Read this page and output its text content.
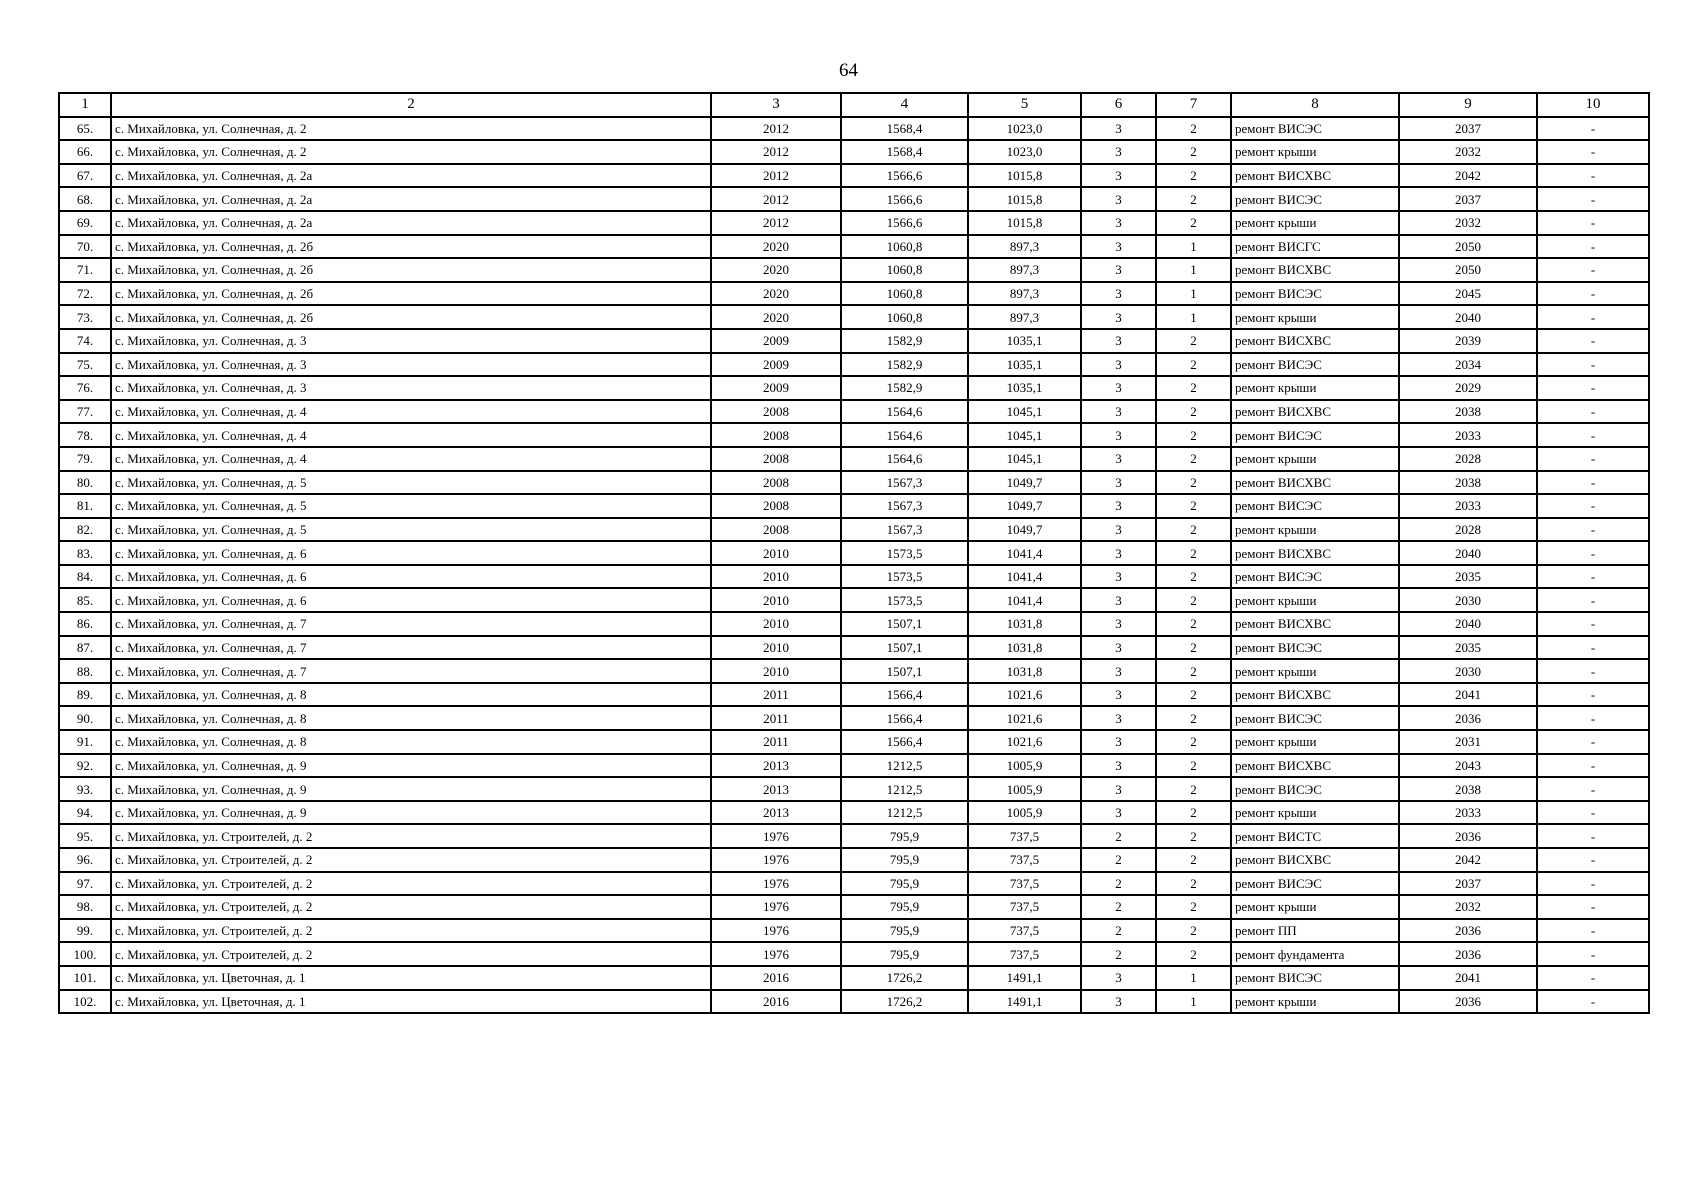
64
1	2	3	4	5	6	7	8	9	10
65.	с. Михайловка, ул. Солнечная, д. 2	2012	1568,4	1023,0	3	2	ремонт ВИСЭС	2037	-
66.	с. Михайловка, ул. Солнечная, д. 2	2012	1568,4	1023,0	3	2	ремонт крыши	2032	-
67.	с. Михайловка, ул. Солнечная, д. 2а	2012	1566,6	1015,8	3	2	ремонт ВИСХВС	2042	-
68.	с. Михайловка, ул. Солнечная, д. 2а	2012	1566,6	1015,8	3	2	ремонт ВИСЭС	2037	-
69.	с. Михайловка, ул. Солнечная, д. 2а	2012	1566,6	1015,8	3	2	ремонт крыши	2032	-
70.	с. Михайловка, ул. Солнечная, д. 2б	2020	1060,8	897,3	3	1	ремонт ВИСГС	2050	-
71.	с. Михайловка, ул. Солнечная, д. 2б	2020	1060,8	897,3	3	1	ремонт ВИСХВС	2050	-
72.	с. Михайловка, ул. Солнечная, д. 2б	2020	1060,8	897,3	3	1	ремонт ВИСЭС	2045	-
73.	с. Михайловка, ул. Солнечная, д. 2б	2020	1060,8	897,3	3	1	ремонт крыши	2040	-
74.	с. Михайловка, ул. Солнечная, д. 3	2009	1582,9	1035,1	3	2	ремонт ВИСХВС	2039	-
75.	с. Михайловка, ул. Солнечная, д. 3	2009	1582,9	1035,1	3	2	ремонт ВИСЭС	2034	-
76.	с. Михайловка, ул. Солнечная, д. 3	2009	1582,9	1035,1	3	2	ремонт крыши	2029	-
77.	с. Михайловка, ул. Солнечная, д. 4	2008	1564,6	1045,1	3	2	ремонт ВИСХВС	2038	-
78.	с. Михайловка, ул. Солнечная, д. 4	2008	1564,6	1045,1	3	2	ремонт ВИСЭС	2033	-
79.	с. Михайловка, ул. Солнечная, д. 4	2008	1564,6	1045,1	3	2	ремонт крыши	2028	-
80.	с. Михайловка, ул. Солнечная, д. 5	2008	1567,3	1049,7	3	2	ремонт ВИСХВС	2038	-
81.	с. Михайловка, ул. Солнечная, д. 5	2008	1567,3	1049,7	3	2	ремонт ВИСЭС	2033	-
82.	с. Михайловка, ул. Солнечная, д. 5	2008	1567,3	1049,7	3	2	ремонт крыши	2028	-
83.	с. Михайловка, ул. Солнечная, д. 6	2010	1573,5	1041,4	3	2	ремонт ВИСХВС	2040	-
84.	с. Михайловка, ул. Солнечная, д. 6	2010	1573,5	1041,4	3	2	ремонт ВИСЭС	2035	-
85.	с. Михайловка, ул. Солнечная, д. 6	2010	1573,5	1041,4	3	2	ремонт крыши	2030	-
86.	с. Михайловка, ул. Солнечная, д. 7	2010	1507,1	1031,8	3	2	ремонт ВИСХВС	2040	-
87.	с. Михайловка, ул. Солнечная, д. 7	2010	1507,1	1031,8	3	2	ремонт ВИСЭС	2035	-
88.	с. Михайловка, ул. Солнечная, д. 7	2010	1507,1	1031,8	3	2	ремонт крыши	2030	-
89.	с. Михайловка, ул. Солнечная, д. 8	2011	1566,4	1021,6	3	2	ремонт ВИСХВС	2041	-
90.	с. Михайловка, ул. Солнечная, д. 8	2011	1566,4	1021,6	3	2	ремонт ВИСЭС	2036	-
91.	с. Михайловка, ул. Солнечная, д. 8	2011	1566,4	1021,6	3	2	ремонт крыши	2031	-
92.	с. Михайловка, ул. Солнечная, д. 9	2013	1212,5	1005,9	3	2	ремонт ВИСХВС	2043	-
93.	с. Михайловка, ул. Солнечная, д. 9	2013	1212,5	1005,9	3	2	ремонт ВИСЭС	2038	-
94.	с. Михайловка, ул. Солнечная, д. 9	2013	1212,5	1005,9	3	2	ремонт крыши	2033	-
95.	с. Михайловка, ул. Строителей, д. 2	1976	795,9	737,5	2	2	ремонт ВИСТС	2036	-
96.	с. Михайловка, ул. Строителей, д. 2	1976	795,9	737,5	2	2	ремонт ВИСХВС	2042	-
97.	с. Михайловка, ул. Строителей, д. 2	1976	795,9	737,5	2	2	ремонт ВИСЭС	2037	-
98.	с. Михайловка, ул. Строителей, д. 2	1976	795,9	737,5	2	2	ремонт крыши	2032	-
99.	с. Михайловка, ул. Строителей, д. 2	1976	795,9	737,5	2	2	ремонт ПП	2036	-
100.	с. Михайловка, ул. Строителей, д. 2	1976	795,9	737,5	2	2	ремонт фундамента	2036	-
101.	с. Михайловка, ул. Цветочная, д. 1	2016	1726,2	1491,1	3	1	ремонт ВИСЭС	2041	-
102.	с. Михайловка, ул. Цветочная, д. 1	2016	1726,2	1491,1	3	1	ремонт крыши	2036	-
